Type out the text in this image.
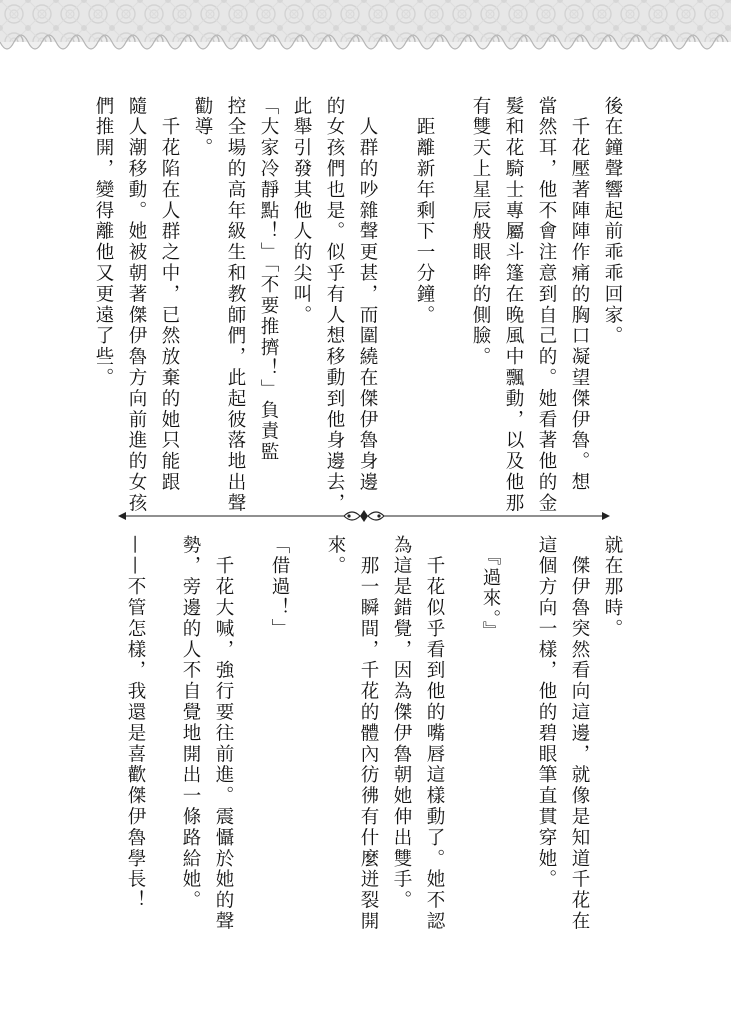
後在鐘聲響起前乖乖回家。
　千花壓著陣陣作痛的胸口凝望傑伊魯。想
當然耳，他不會注意到自己的。她看著他的金
髮和花騎士專屬斗篷在晚風中飄動，以及他那
有雙天上星辰般眼眸的側臉。
　距離新年剩下一分鐘。
　人群的吵雜聲更甚，而圍繞在傑伊魯身邊
的女孩們也是。似乎有人想移動到他身邊去，
此舉引發其他人的尖叫。
「大家冷靜點！」「不要推擠！」負責監
控全場的高年級生和教師們，此起彼落地出聲
勸導。
　千花陷在人群之中，已然放棄的她只能跟
隨人潮移動。她被朝著傑伊魯方向前進的女孩
們推開，變得離他又更遠了些。
就在那時。
　傑伊魯突然看向這邊，就像是知道千花在
這個方向一樣，他的碧眼筆直貫穿她。
　『過來。』
　千花似乎看到他的嘴唇這樣動了。她不認
為這是錯覺，因為傑伊魯朝她伸出雙手。
　那一瞬間，千花的體內彷彿有什麼迸裂開
來。
「借過！」
　千花大喊，強行要往前進。震懾於她的聲
勢，旁邊的人不自覺地開出一條路給她。
——不管怎樣，我還是喜歡傑伊魯學長！
